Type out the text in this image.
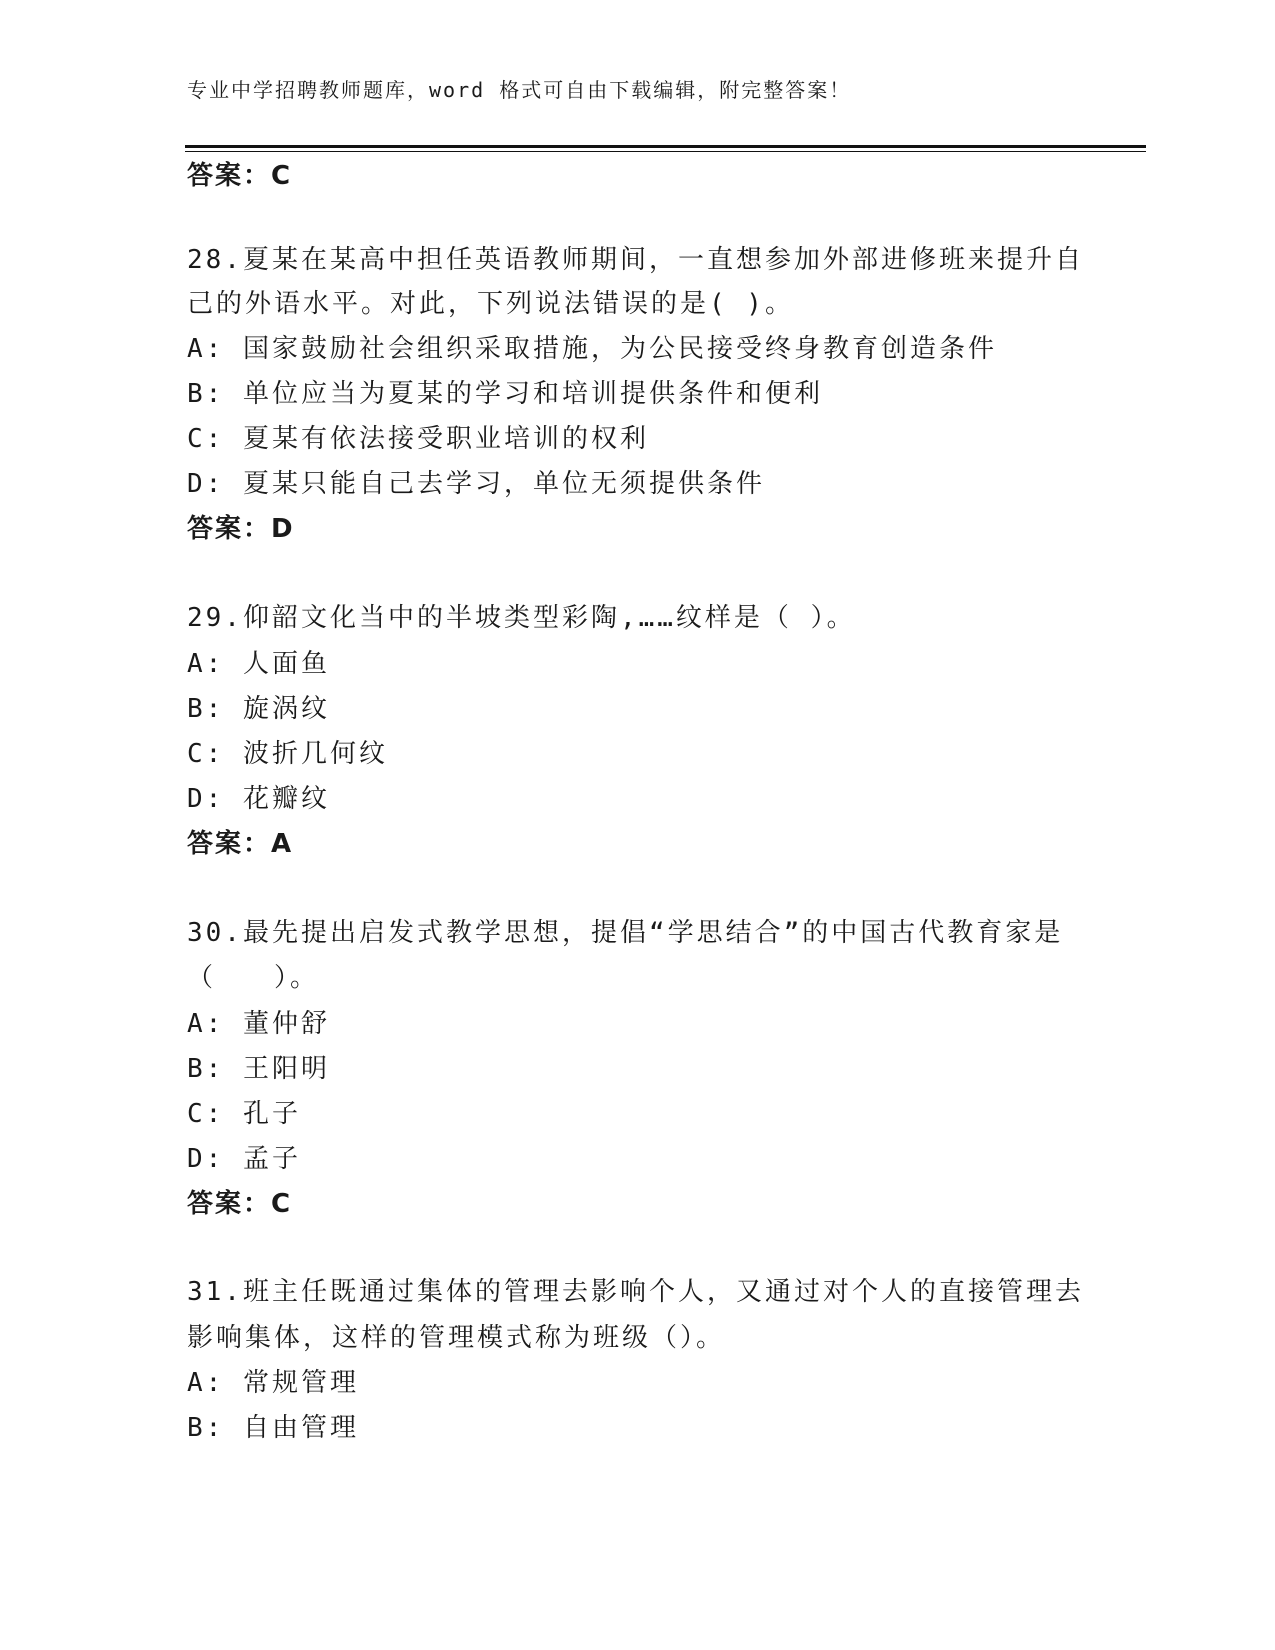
专业中学招聘教师题库，word 格式可自由下载编辑，附完整答案！
答案：C
28.夏某在某高中担任英语教师期间，一直想参加外部进修班来提升自
己的外语水平。对此，下列说法错误的是( )。
A: 国家鼓励社会组织采取措施，为公民接受终身教育创造条件
B: 单位应当为夏某的学习和培训提供条件和便利
C: 夏某有依法接受职业培训的权利
D: 夏某只能自己去学习，单位无须提供条件
答案：D
29.仰韶文化当中的半坡类型彩陶,……纹样是（ ）。
A: 人面鱼
B: 旋涡纹
C: 波折几何纹
D: 花瓣纹
答案：A
30.最先提出启发式教学思想，提倡“学思结合”的中国古代教育家是
（　　）。
A: 董仲舒
B: 王阳明
C: 孔子
D: 孟子
答案：C
31.班主任既通过集体的管理去影响个人，又通过对个人的直接管理去
影响集体，这样的管理模式称为班级（）。
A: 常规管理
B: 自由管理
